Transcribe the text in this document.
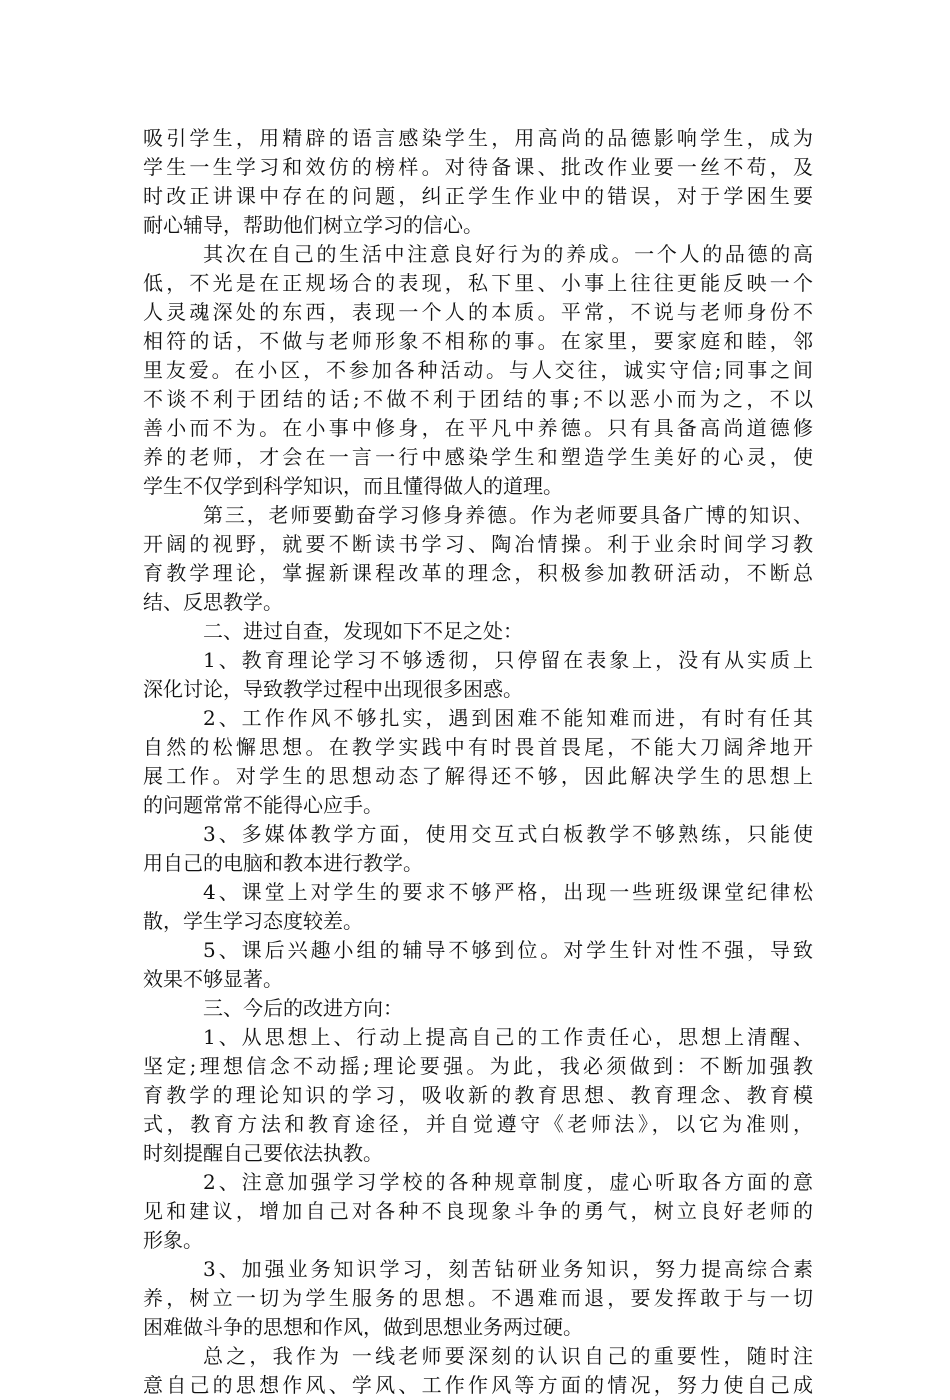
吸引学生，用精辟的语言感染学生，用高尚的品德影响学生，成为
学生一生学习和效仿的榜样。对待备课、批改作业要一丝不苟，及
时改正讲课中存在的问题，纠正学生作业中的错误，对于学困生要
耐心辅导，帮助他们树立学习的信心。
其次在自己的生活中注意良好行为的养成。一个人的品德的高
低，不光是在正规场合的表现，私下里、小事上往往更能反映一个
人灵魂深处的东西，表现一个人的本质。平常，不说与老师身份不
相符的话，不做与老师形象不相称的事。在家里，要家庭和睦，邻
里友爱。在小区，不参加各种活动。与人交往，诚实守信;同事之间
不谈不利于团结的话;不做不利于团结的事;不以恶小而为之，不以
善小而不为。在小事中修身，在平凡中养德。只有具备高尚道德修
养的老师，才会在一言一行中感染学生和塑造学生美好的心灵，使
学生不仅学到科学知识，而且懂得做人的道理。
第三，老师要勤奋学习修身养德。作为老师要具备广博的知识、
开阔的视野，就要不断读书学习、陶冶情操。利于业余时间学习教
育教学理论，掌握新课程改革的理念，积极参加教研活动，不断总
结、反思教学。
二、进过自查，发现如下不足之处：
1、教育理论学习不够透彻，只停留在表象上，没有从实质上
深化讨论，导致教学过程中出现很多困惑。
2、工作作风不够扎实，遇到困难不能知难而进，有时有任其
自然的松懈思想。在教学实践中有时畏首畏尾，不能大刀阔斧地开
展工作。对学生的思想动态了解得还不够，因此解决学生的思想上
的问题常常不能得心应手。
3、多媒体教学方面，使用交互式白板教学不够熟练，只能使
用自己的电脑和教本进行教学。
4、课堂上对学生的要求不够严格，出现一些班级课堂纪律松
散，学生学习态度较差。
5、课后兴趣小组的辅导不够到位。对学生针对性不强，导致
效果不够显著。
三、今后的改进方向：
1、从思想上、行动上提高自己的工作责任心，思想上清醒、
坚定;理想信念不动摇;理论要强。为此，我必须做到：不断加强教
育教学的理论知识的学习，吸收新的教育思想、教育理念、教育模
式，教育方法和教育途径，并自觉遵守《老师法》，以它为准则，
时刻提醒自己要依法执教。
2、注意加强学习学校的各种规章制度，虚心听取各方面的意
见和建议，增加自己对各种不良现象斗争的勇气，树立良好老师的
形象。
3、加强业务知识学习，刻苦钻研业务知识，努力提高综合素
养，树立一切为学生服务的思想。不遇难而退，要发挥敢于与一切
困难做斗争的思想和作风，做到思想业务两过硬。
总之，我作为 一线老师要深刻的认识自己的重要性，随时注
意自己的思想作风、学风、工作作风等方面的情况，努力使自己成
